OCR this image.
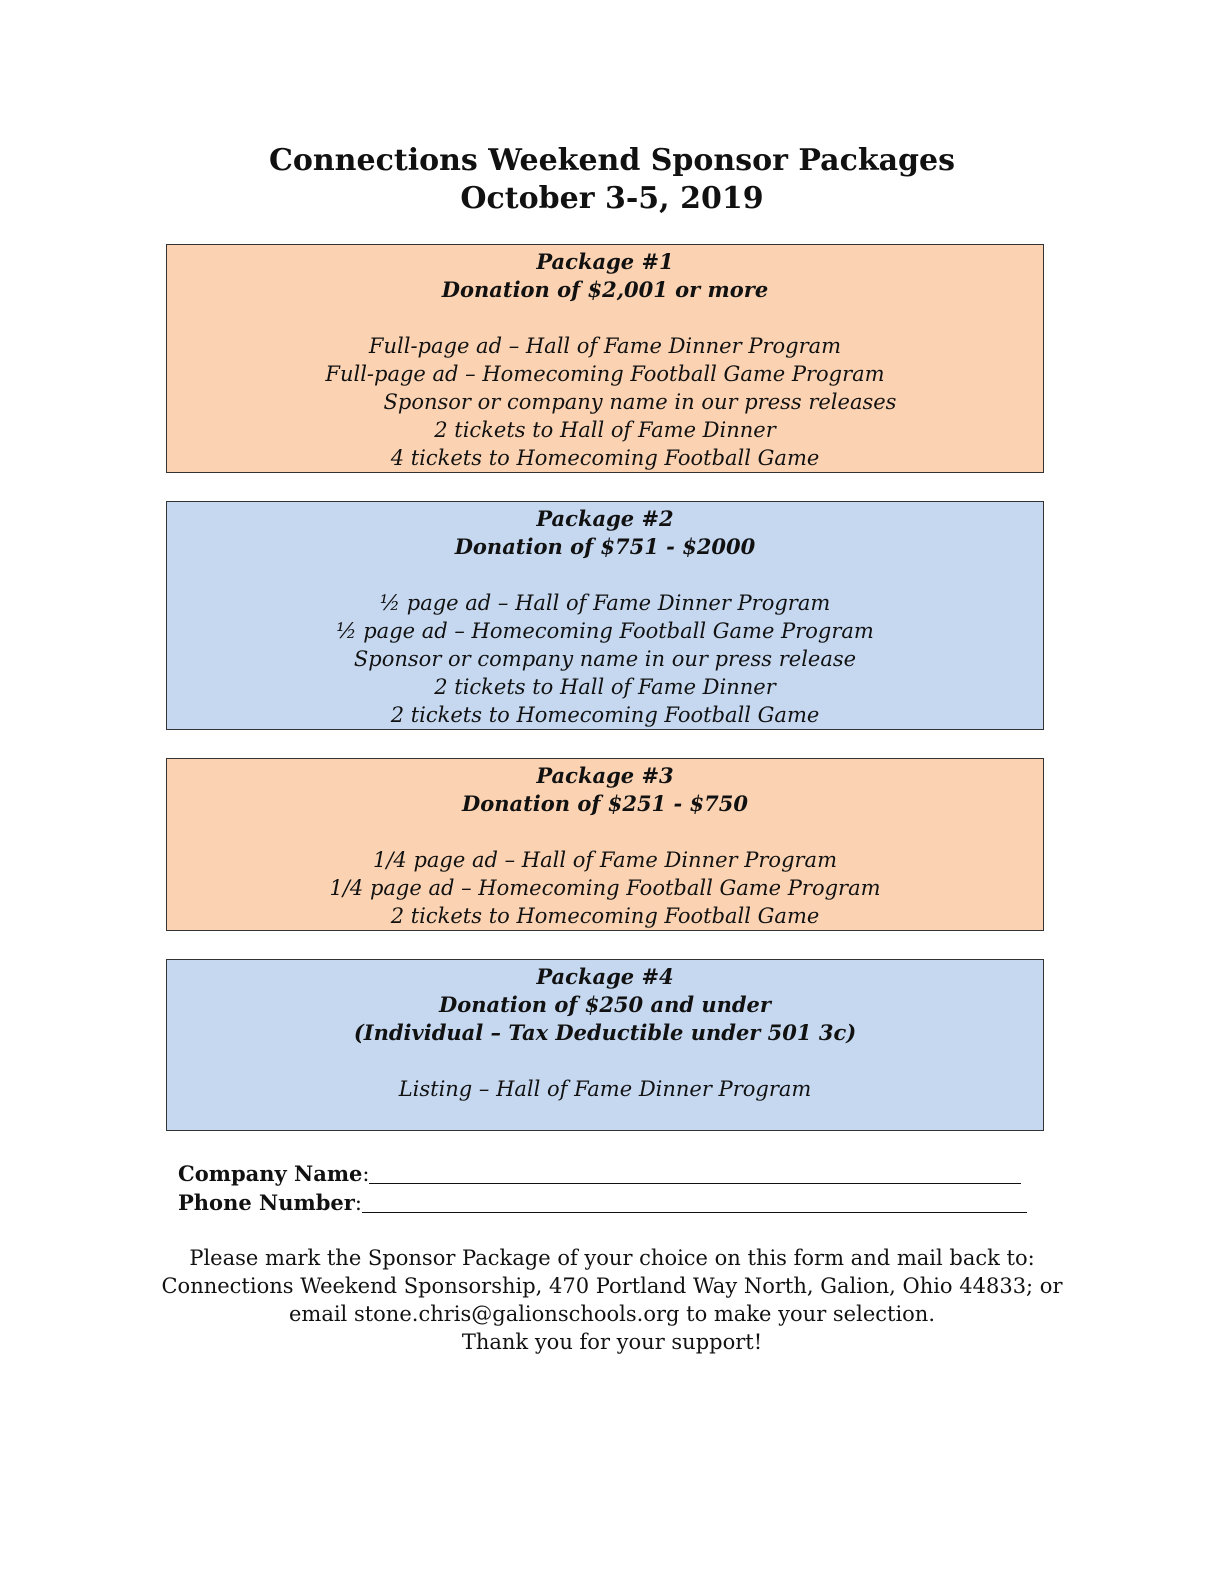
Connections Weekend Sponsor Packages
October 3-5, 2019
Package #1
Donation of $2,001 or more
Full-page ad – Hall of Fame Dinner Program
Full-page ad – Homecoming Football Game Program
Sponsor or company name in our press releases
2 tickets to Hall of Fame Dinner
4 tickets to Homecoming Football Game
Package #2
Donation of $751 - $2000
½ page ad – Hall of Fame Dinner Program
½ page ad – Homecoming Football Game Program
Sponsor or company name in our press release
2 tickets to Hall of Fame Dinner
2 tickets to Homecoming Football Game
Package #3
Donation of $251 - $750
1/4 page ad – Hall of Fame Dinner Program
1/4 page ad – Homecoming Football Game Program
2 tickets to Homecoming Football Game
Package #4
Donation of $250 and under
(Individual – Tax Deductible under 501 3c)
Listing – Hall of Fame Dinner Program
Company Name:
Phone Number:
Please mark the Sponsor Package of your choice on this form and mail back to:
Connections Weekend Sponsorship, 470 Portland Way North, Galion, Ohio 44833; or
email stone.chris@galionschools.org to make your selection.
Thank you for your support!
